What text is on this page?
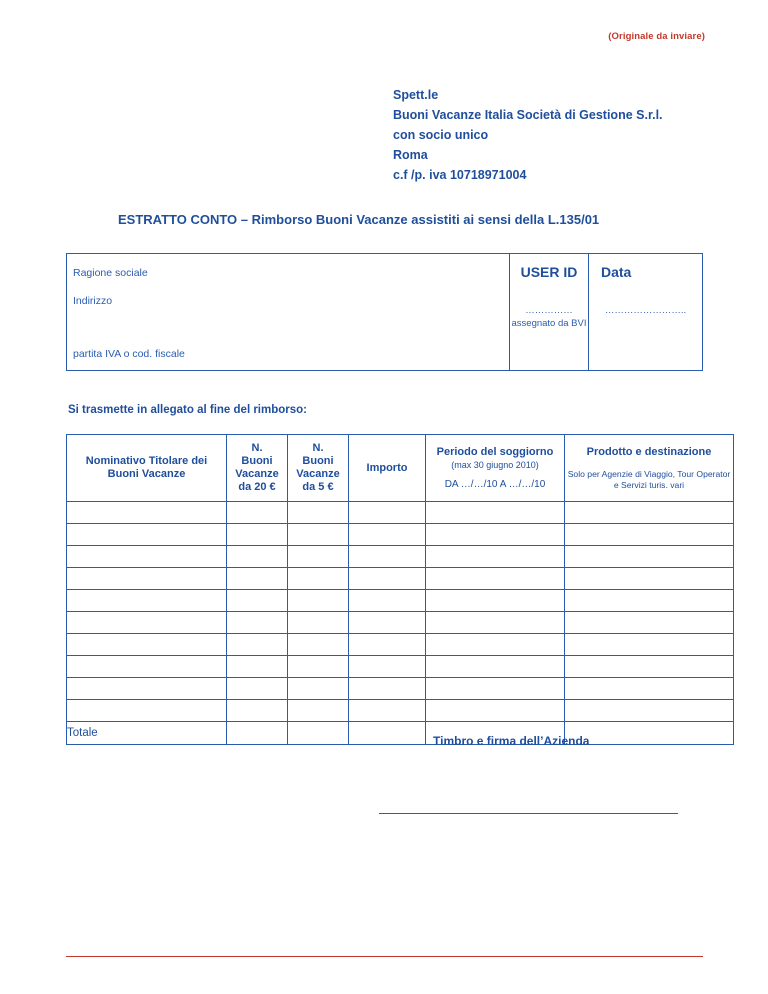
(Originale da inviare)
Spett.le
Buoni Vacanze Italia Società di Gestione S.r.l.
con socio unico
Roma
c.f /p. iva 10718971004
ESTRATTO CONTO – Rimborso Buoni Vacanze assistiti ai sensi della L.135/01
Ragione sociale
Indirizzo
partita IVA o cod. fiscale
USER ID
……………
assegnato da BVI
Data
……………………..
Si trasmette in allegato al fine del rimborso:
Nominativo Titolare dei Buoni Vacanze	N.
Buoni
Vacanze
da 20 €	N.
Buoni
Vacanze
da 5 €	Importo	Periodo del soggiorno
(max 30 giugno 2010)
DA …/…/10 A …/…/10	Prodotto e destinazione
Solo per Agenzie di Viaggio, Tour Operator e Servizi turis. vari

Totale					
Timbro e firma dell’Azienda
